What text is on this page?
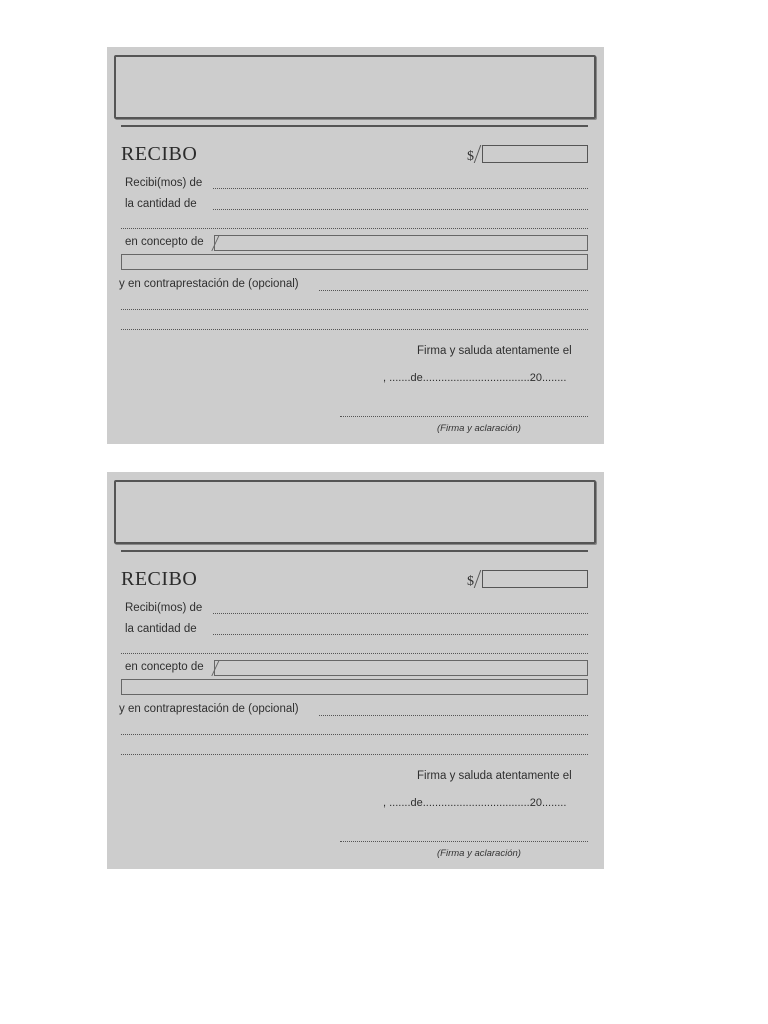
RECIBO	$
Recibi(mos) de
la cantidad de
en concepto de
y en contraprestación de (opcional)
Firma y saluda atentamente el
, .......de...................................20........
(Firma y aclaración)
RECIBO	$
Recibi(mos) de
la cantidad de
en concepto de
y en contraprestación de (opcional)
Firma y saluda atentamente el
, .......de...................................20........
(Firma y aclaración)
